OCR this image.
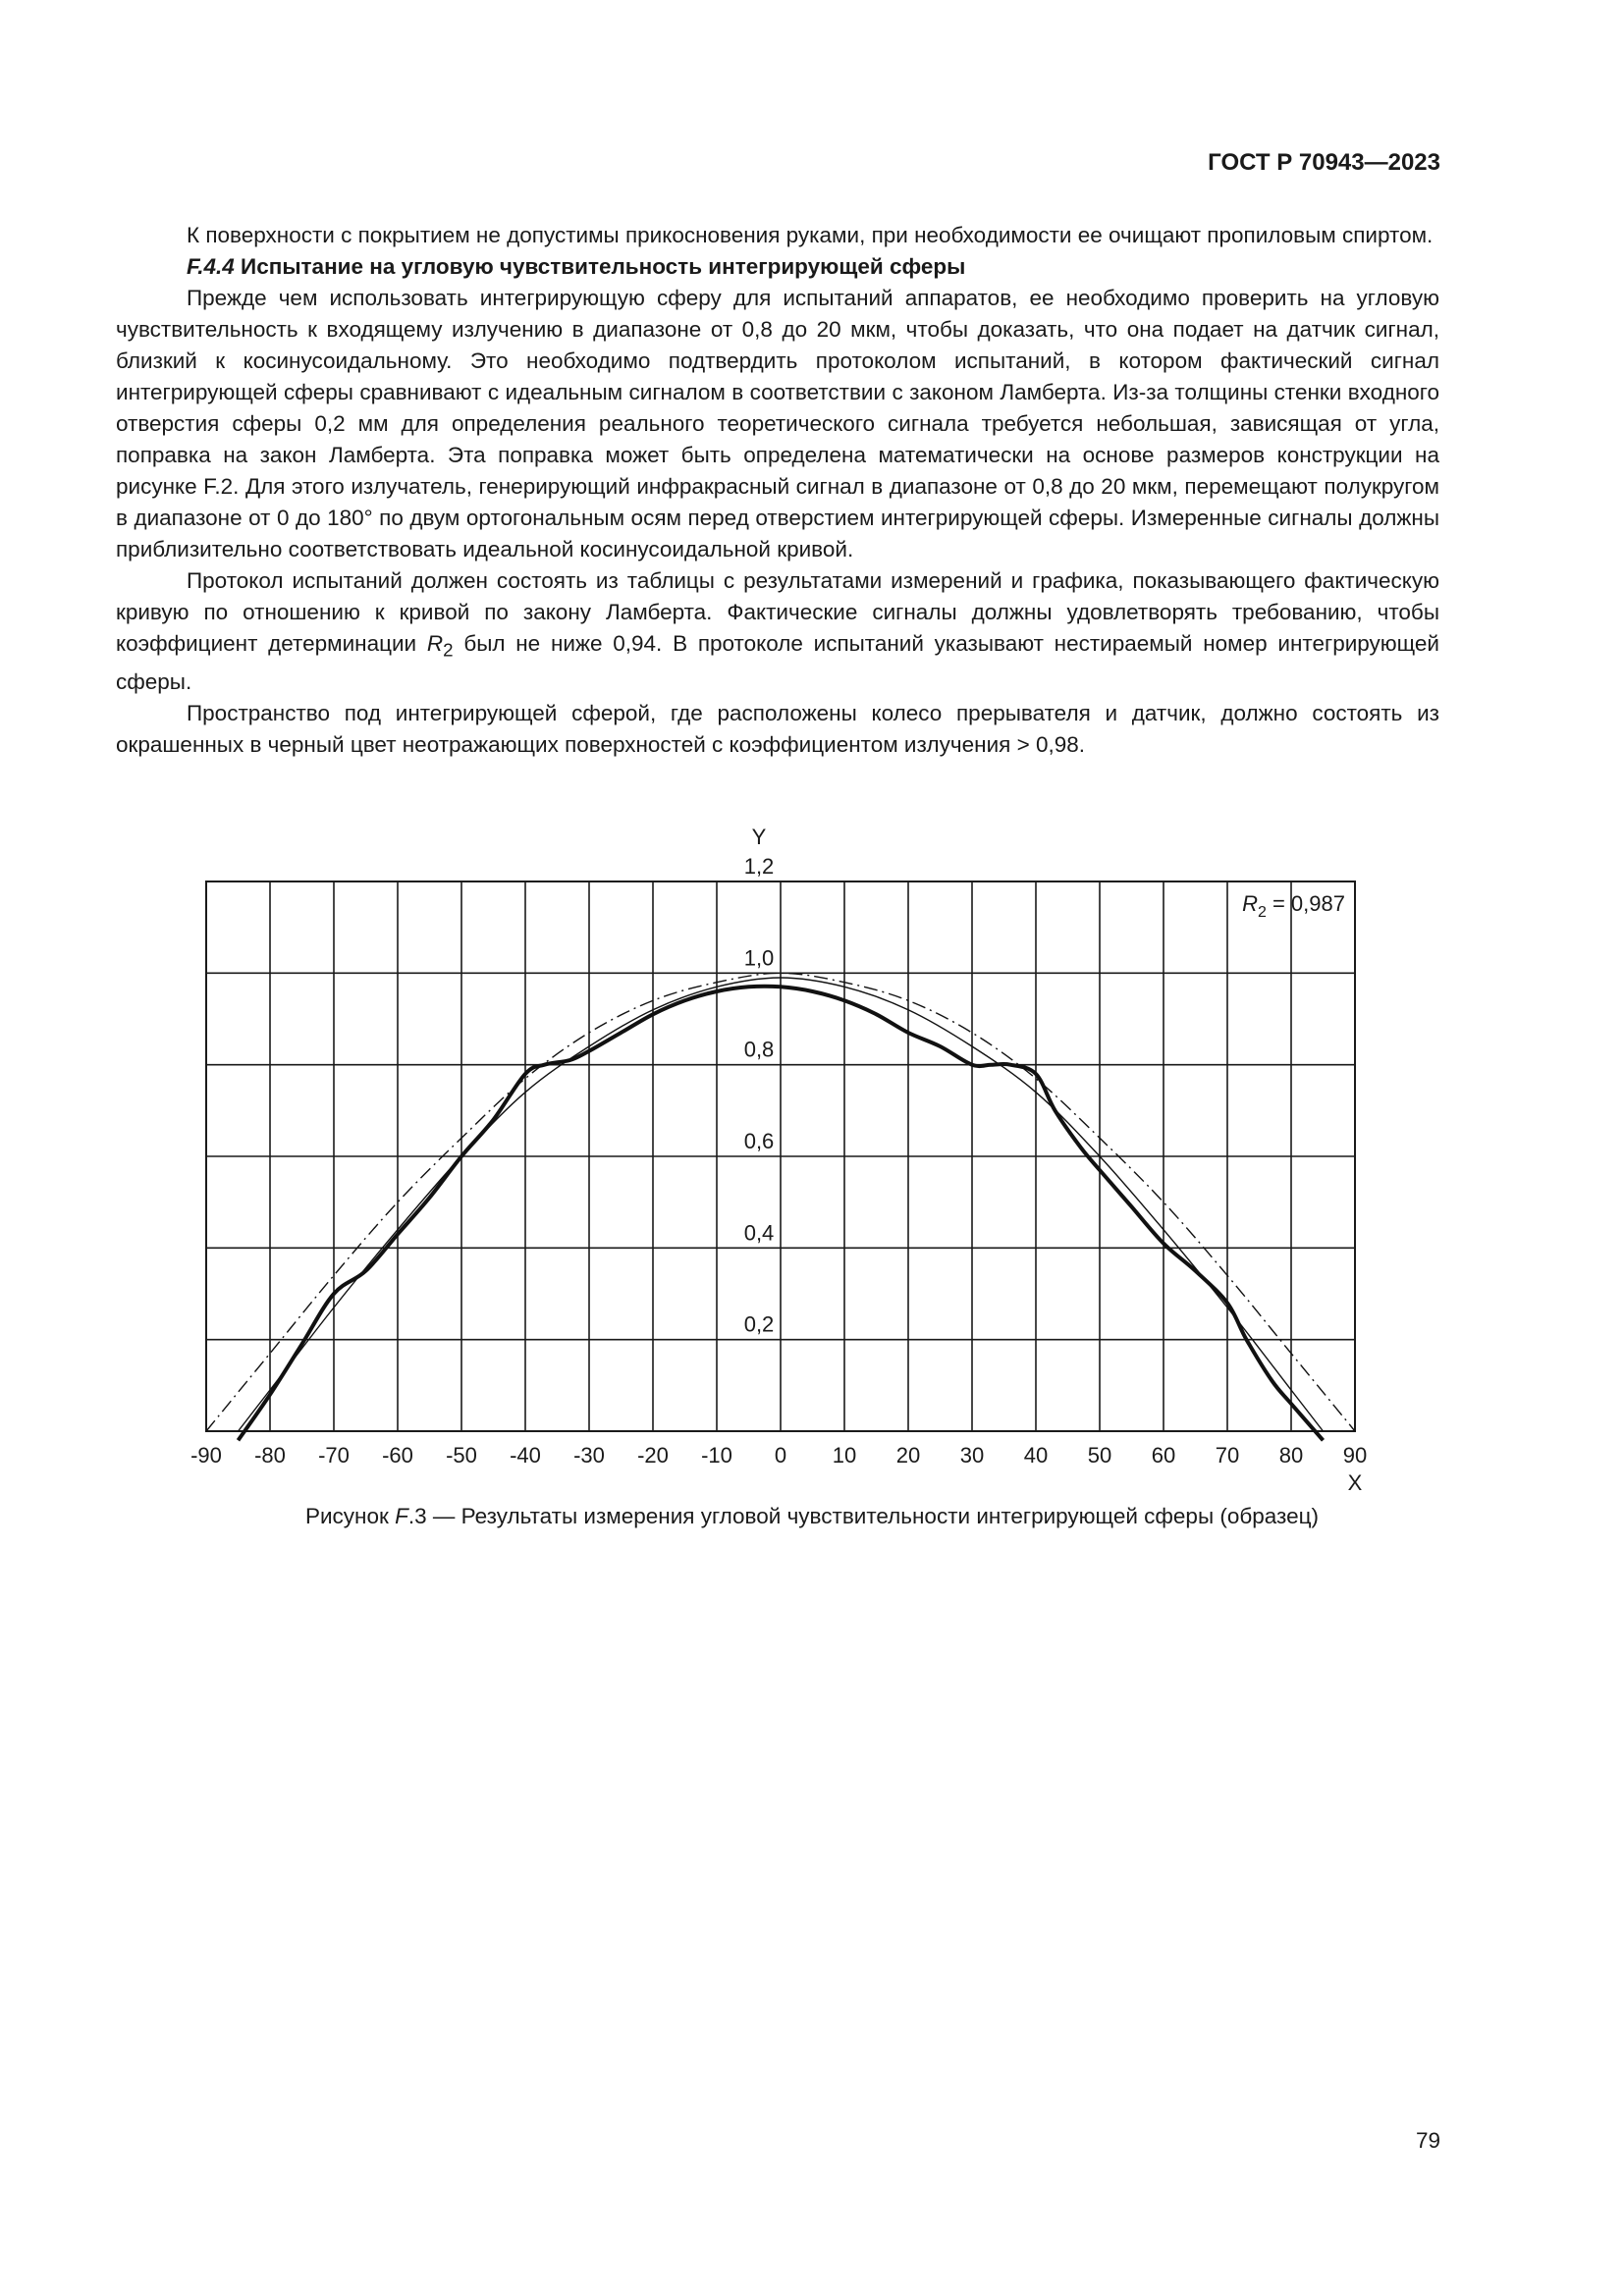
ГОСТ Р 70943—2023

К поверхности с покрытием не допустимы прикосновения руками, при необходимости ее очищают пропиловым спиртом.

F.4.4 Испытание на угловую чувствительность интегрирующей сферы

Прежде чем использовать интегрирующую сферу для испытаний аппаратов, ее необходимо проверить на угловую чувствительность к входящему излучению в диапазоне от 0,8 до 20 мкм, чтобы доказать, что она подает на датчик сигнал, близкий к косинусоидальному. Это необходимо подтвердить протоколом испытаний, в котором фактический сигнал интегрирующей сферы сравнивают с идеальным сигналом в соответствии с законом Ламберта. Из-за толщины стенки входного отверстия сферы 0,2 мм для определения реального теоретического сигнала требуется небольшая, зависящая от угла, поправка на закон Ламберта. Эта поправка может быть определена математически на основе размеров конструкции на рисунке F.2. Для этого излучатель, генерирующий инфракрасный сигнал в диапазоне от 0,8 до 20 мкм, перемещают полукругом в диапазоне от 0 до 180° по двум ортогональным осям перед отверстием интегрирующей сферы. Измеренные сигналы должны приблизительно соответствовать идеальной косинусоидальной кривой.

Протокол испытаний должен состоять из таблицы с результатами измерений и графика, показывающего фактическую кривую по отношению к кривой по закону Ламберта. Фактические сигналы должны удовлетворять требованию, чтобы коэффициент детерминации $R_2$ был не ниже 0,94. В протоколе испытаний указывают нестираемый номер интегрирующей сферы.

Пространство под интегрирующей сферой, где расположены колесо прерывателя и датчик, должно состоять из окрашенных в черный цвет неотражающих поверхностей с коэффициентом излучения > 0,98.

-90 -80 -70 -60 -50 -40 -30 -20 -10 0 10 20 30 40 50 60 70 80 90
0,2
0,4
0,6
0,8
1,0
1,2
Y
X
$R_2 = 0,987$
Рисунок F.3 — Результаты измерения угловой чувствительности интегрирующей сферы (образец)
79
